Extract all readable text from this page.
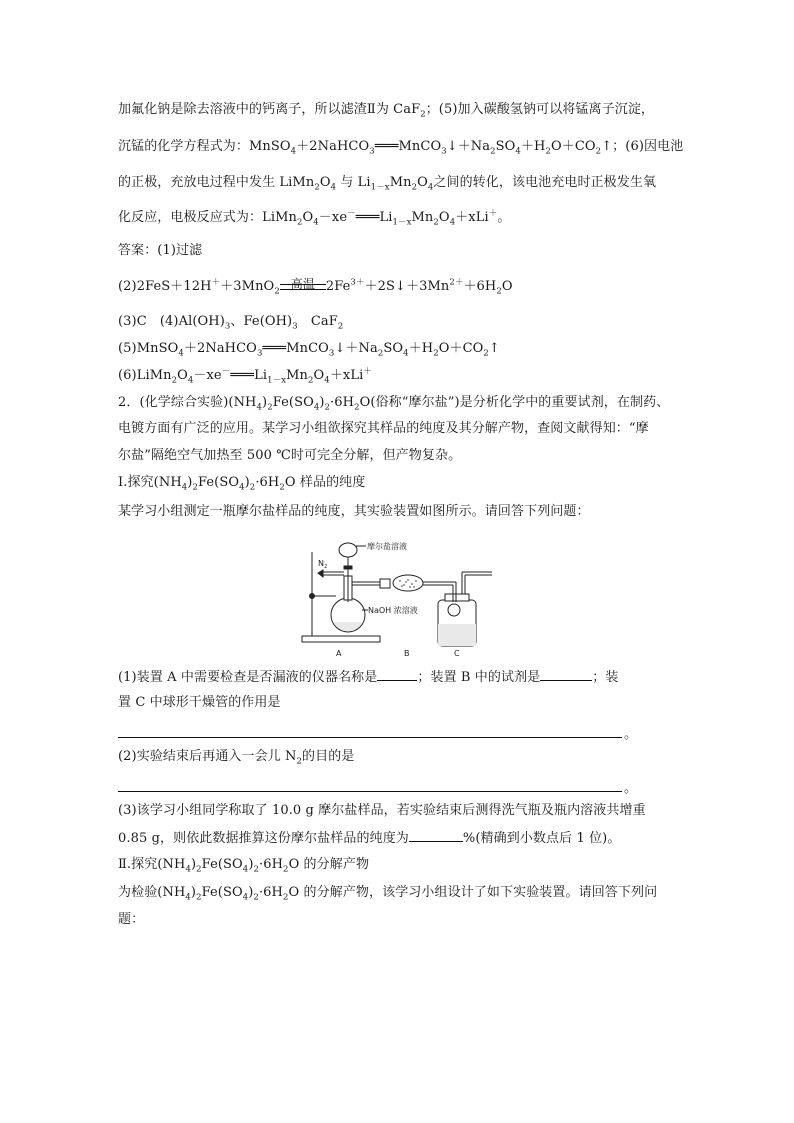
加氟化钠是除去溶液中的钙离子，所以滤渣Ⅱ为 CaF$_2$；(5)加入碳酸氢钠可以将锰离子沉淀，
沉锰的化学方程式为：$MnSO_4+2NaHCO_3═══MnCO_3↓+Na_2SO_4+H_2O+CO_2↑$；(6)因电池
的正极，充放电过程中发生 $LiMn_2O_4$ 与 $Li_{1-x}Mn_2O_4$之间的转化，该电池充电时正极发生氧
化反应，电极反应式为：$LiMn_2O_4-xe^-═══Li_{1-x}Mn_2O_4+xLi^+$。
答案：(1)过滤
(2)2FeS＋12H＋＋3MnO$_2$
高温 $2Fe^{3+}+2S↓+3Mn^{2+}+6H_2O$
(3)C　$(4)Al(OH)_3$、$Fe(OH)_3$　CaF$_2$
$(5)MnSO_4+2NaHCO_3═══MnCO_3↓+Na_2SO_4+H_2O+CO_2↑$
$(6)LiMn_2O_4-xe^-═══Li_{1-x}Mn_2O_4+xLi^+$
2．(化学综合实验)$(NH_4)_2Fe(SO_4)_2\cdot 6H_2O$(俗称“摩尔盐”)是分析化学中的重要试剂，在制药、
电镀方面有广泛的应用。某学习小组欲探究其样品的纯度及其分解产物，查阅文献得知：“摩
尔盐”隔绝空气加热至 500 ℃时可完全分解，但产物复杂。
Ⅰ.探究$(NH_4)_2Fe(SO_4)_2\cdot 6H_2O$ 样品的纯度
某学习小组测定一瓶摩尔盐样品的纯度，其实验装置如图所示。请回答下列问题：
摩尔盐溶液
NaOH 浓溶液
$N_2$
A	B	C
(1)装置 A 中需要检查是否漏液的仪器名称是	；装置 B 中的试剂是	；装
置 C 中球形干燥管的作用是
。
(2)实验结束后再通入一会儿 $N_2$的目的是
。
(3)该学习小组同学称取了 10.0 g 摩尔盐样品，若实验结束后测得洗气瓶及瓶内溶液共增重
0.85 g，则依此数据推算这份摩尔盐样品的纯度为	%(精确到小数点后 1 位)。
Ⅱ.探究$(NH_4)_2Fe(SO_4)_2\cdot 6H_2O$ 的分解产物
为检验$(NH_4)_2Fe(SO_4)_2\cdot 6H_2O$ 的分解产物，该学习小组设计了如下实验装置。请回答下列问
题：
